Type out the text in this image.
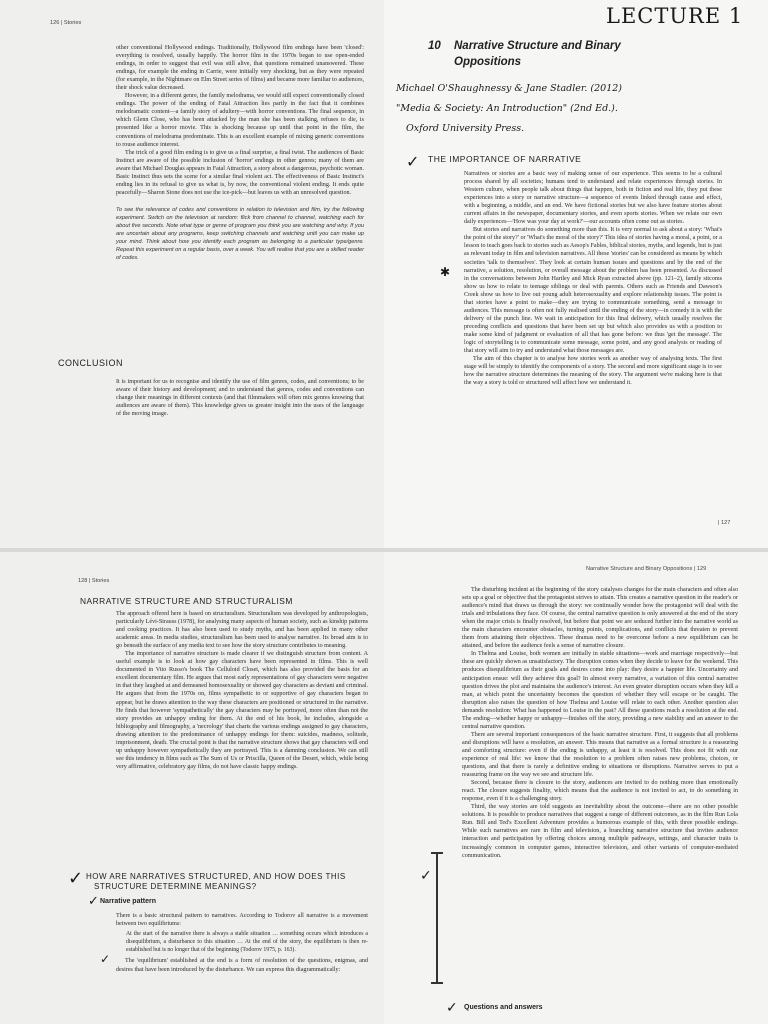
126 | Stories

other conventional Hollywood endings. Traditionally, Hollywood film endings have been 'closed': everything is resolved, usually happily. The horror film in the 1970s began to use open-ended endings, in order to suggest that evil was still alive, that questions remained unanswered. These endings, for example the ending in Carrie, were initially very shocking, but as they were repeated (for example, in the Nightmare on Elm Street series of films) and became more familiar to audiences, their shock value decreased.

However, in a different genre, the family melodrama, we would still expect conventionally closed endings. The power of the ending of Fatal Attraction lies partly in the fact that it combines melodramatic content—a family story of adultery—with horror conventions. The final sequence, in which Glenn Close, who has been attacked by the man she has been stalking, refuses to die, is presented like a horror movie. This is shocking because up until that point in the film, the conventions of melodrama predominate. This is an excellent example of mixing generic conventions to rouse audience interest.

The trick of a good film ending is to give us a final surprise, a final twist. The audiences of Basic Instinct are aware of the possible inclusion of 'horror' endings in other genres; many of them are aware that Michael Douglas appears in Fatal Attraction, a story about a dangerous, psychotic woman. Basic Instinct thus sets the scene for a similar final violent act. The effectiveness of Basic Instinct's ending lies in its refusal to give us what is, by now, the conventional violent ending. It ends quite peacefully—Sharon Stone does not use the ice-pick—but leaves us with an unresolved question.

To see the relevance of codes and conventions in relation to television and film, try the following experiment. Switch on the television at random: flick from channel to channel, watching each for about five seconds. Note what type or genre of program you think you are watching and why. If you are uncertain about any programs, keep switching channels and watching until you can make up your mind. Think about how you identify each program as belonging to a particular type/genre. Repeat this experiment on a regular basis, over a week. You will realise that you are a skilled reader of codes.
CONCLUSION

It is important for us to recognise and identify the use of film genres, codes, and conventions; to be aware of their history and development; and to understand that genres, codes and conventions can change their meanings in different contexts (and that filmmakers will often mix genres knowing that audiences are aware of them). This knowledge gives us greater insight into the uses of the language of the moving image.

LECTURE 1
10 Narrative Structure and Binary Oppositions
Michael O'Shaughnessy & Jane Stadler. (2012)
"Media & Society: An Introduction" (2nd Ed.).
Oxford University Press.
✓ THE IMPORTANCE OF NARRATIVE

Narratives or stories are a basic way of making sense of our experience. This seems to be a cultural process shared by all societies; humans tend to understand and relate experiences through stories. In Western culture, when people talk about things that happen, both in fiction and real life, they put these experiences into a story or narrative structure—a sequence of events linked through cause and effect, with a beginning, a middle, and an end. We have fictional stories but we also have feature stories about current affairs in the newspaper, documentary stories, and even sports stories. When we relate our own daily experiences—'How was your day at work?'—our accounts often come out as stories.

But stories and narratives do something more than this. It is very normal to ask about a story: 'What's the point of the story?' or 'What's the moral of the story?' This idea of stories having a moral, a point, or a lesson to teach goes back to stories such as Aesop's Fables, biblical stories, myths, and legends, but is just as relevant today in film and television narratives. All these 'stories' can be considered as means by which societies 'talk to themselves'. They look at certain human issues and questions and by the end of the narrative, a solution, resolution, or overall message about the problem has been presented. As discussed in the conversations between John Hartley and Mick Ryan extracted above (pp. 121–2), family sitcoms show us how to relate to teenage siblings or deal with parents. Others such as Friends and Dawson's Creek show us how to live out young adult heterosexuality and explore relationship issues. The point is that stories have a point to make—they are trying to communicate something, send a message to audiences. This message is often not fully realised until the ending of the story—in comedy it is with the delivery of the punch line. We wait in anticipation for this final delivery, which usually resolves the preceding conflicts and questions that have been set up but which also provides us with a position to make some kind of judgment or evaluation of all that has gone before: we thus 'get the message'. The logic of storytelling is to communicate some message, some point, and any good analysis or reading of that story will aim to try and understand what those messages are.

The aim of this chapter is to analyse how stories work as another way of analysing texts. The first stage will be simply to identify the components of a story. The second and more significant stage is to see how the narrative structure determines the meaning of the story. The argument we're making here is that the way a story is told or structured will affect how we understand it.

✱
| 127
128 | Stories
NARRATIVE STRUCTURE AND STRUCTURALISM

The approach offered here is based on structuralism. Structuralism was developed by anthropologists, particularly Lévi-Strauss (1978), for analysing many aspects of human society, such as kinship patterns and cooking practices. It has also been used to study myths, and has been applied in many other academic areas. In media studies, structuralism has been used to analyse narrative. Its broad aim is to go beneath the surface of any media text to see how the story structure contributes to meaning.

The importance of narrative structure is made clearer if we distinguish structure from content. A useful example is to look at how gay characters have been represented in films. This is well documented in Vito Russo's book The Celluloid Closet, which has also provided the basis for an excellent documentary film. He argues that most early representations of gay characters were negative in that they laughed at and demeaned homosexuality or showed gay characters as deviant and criminal. He argues that from the 1970s on, films sympathetic to or supportive of gay characters began to appear, but he draws attention to the way these characters are positioned or structured in the narrative. He finds that however 'sympathetically' the gay characters may be portrayed, more often than not the story provides an unhappy ending for them. At the end of his book, he includes, alongside a bibliography and filmography, a 'necrology' that charts the various endings assigned to gay characters, drawing attention to the predominance of unhappy endings for them: suicides, madness, solitude, imprisonment, death. The crucial point is that the narrative structure shows that gay characters will end up unhappy however sympathetically they are portrayed. This is a damning conclusion. We can still see this tendency in films such as The Sum of Us or Priscilla, Queen of the Desert, which, while being very affirmative, celebratory gay films, do not have classic happy endings.

✓ HOW ARE NARRATIVES STRUCTURED, AND HOW DOES THIS
STRUCTURE DETERMINE MEANINGS?
✓ Narrative pattern

There is a basic structural pattern to narratives. According to Todorov all narrative is a movement between two equilibriums:

At the start of the narrative there is always a stable situation … something occurs which introduces a disequilibrium, a disturbance to this situation … At the end of the story, the equilibrium is then re-established but is no longer that of the beginning (Todorov 1975, p. 163).

The 'equilibrium' established at the end is a form of resolution of the questions, enigmas, and desires that have been introduced by the disturbance. We can express this diagrammatically:

✓
Narrative Structure and Binary Oppositions | 129

The disturbing incident at the beginning of the story catalyses changes for the main characters and often also sets up a goal or objective that the protagonist strives to attain. This creates a narrative question in the reader's or audience's mind that draws us through the story: we continually wonder how the protagonist will deal with the trials and tribulations they face. Of course, the central narrative question is only answered at the end of the story when the major crisis is finally resolved, but before that point we are seduced further into the narrative world as the main characters encounter obstacles, turning points, complications, and conflicts that threaten to prevent them from attaining their objectives. These dramas need to be overcome before a new equilibrium can be attained, and before the audience feels a sense of narrative closure.

In Thelma and Louise, both women are initially in stable situations—work and marriage respectively—but these are quickly shown as unsatisfactory. The disruption comes when they decide to leave for the weekend. This produces disequilibrium as their goals and desires come into play: they desire a happier life. Uncertainty and anticipation ensue: will they achieve this goal? In almost every narrative, a variation of this central narrative question drives the plot and maintains the audience's interest. An even greater disruption occurs when they kill a man, at which point the uncertainty becomes the question of whether they will escape or be caught. The disruption also raises the question of how Thelma and Louise will relate to each other. Another question also demands resolution: What has happened to Louise in the past? All these questions reach a resolution at the end. The ending—whether happy or unhappy—finishes off the story, providing a new stability and an answer to the central narrative question.

There are several important consequences of the basic narrative structure. First, it suggests that all problems and disruptions will have a resolution, an answer. This means that narrative as a formal structure is a reassuring and comforting structure: even if the ending is unhappy, at least it is resolved. This does not fit with our experience of real life: we know that the resolution to a problem often raises new problems, choices, or questions, and that there is rarely a definitive ending to situations or disruptions. Narrative serves to put a reassuring frame on the way we see and structure life.

Second, because there is closure to the story, audiences are invited to do nothing more than emotionally react. The closure suggests finality, which means that the audience is not invited to act, to do something in response, even if it is a challenging story.

Third, the way stories are told suggests an inevitability about the outcome—there are no other possible solutions. It is possible to produce narratives that suggest a range of different outcomes, as in the film Run Lola Run. Bill and Ted's Excellent Adventure provides a humorous example of this, with three possible endings. While such narratives are rare in film and television, a branching narrative structure that invites audience interaction and participation by offering choices among multiple pathways, settings, and character traits is increasingly common in computer games, interactive television, and other variants of computer-mediated communication.

✓
✓ Questions and answers
